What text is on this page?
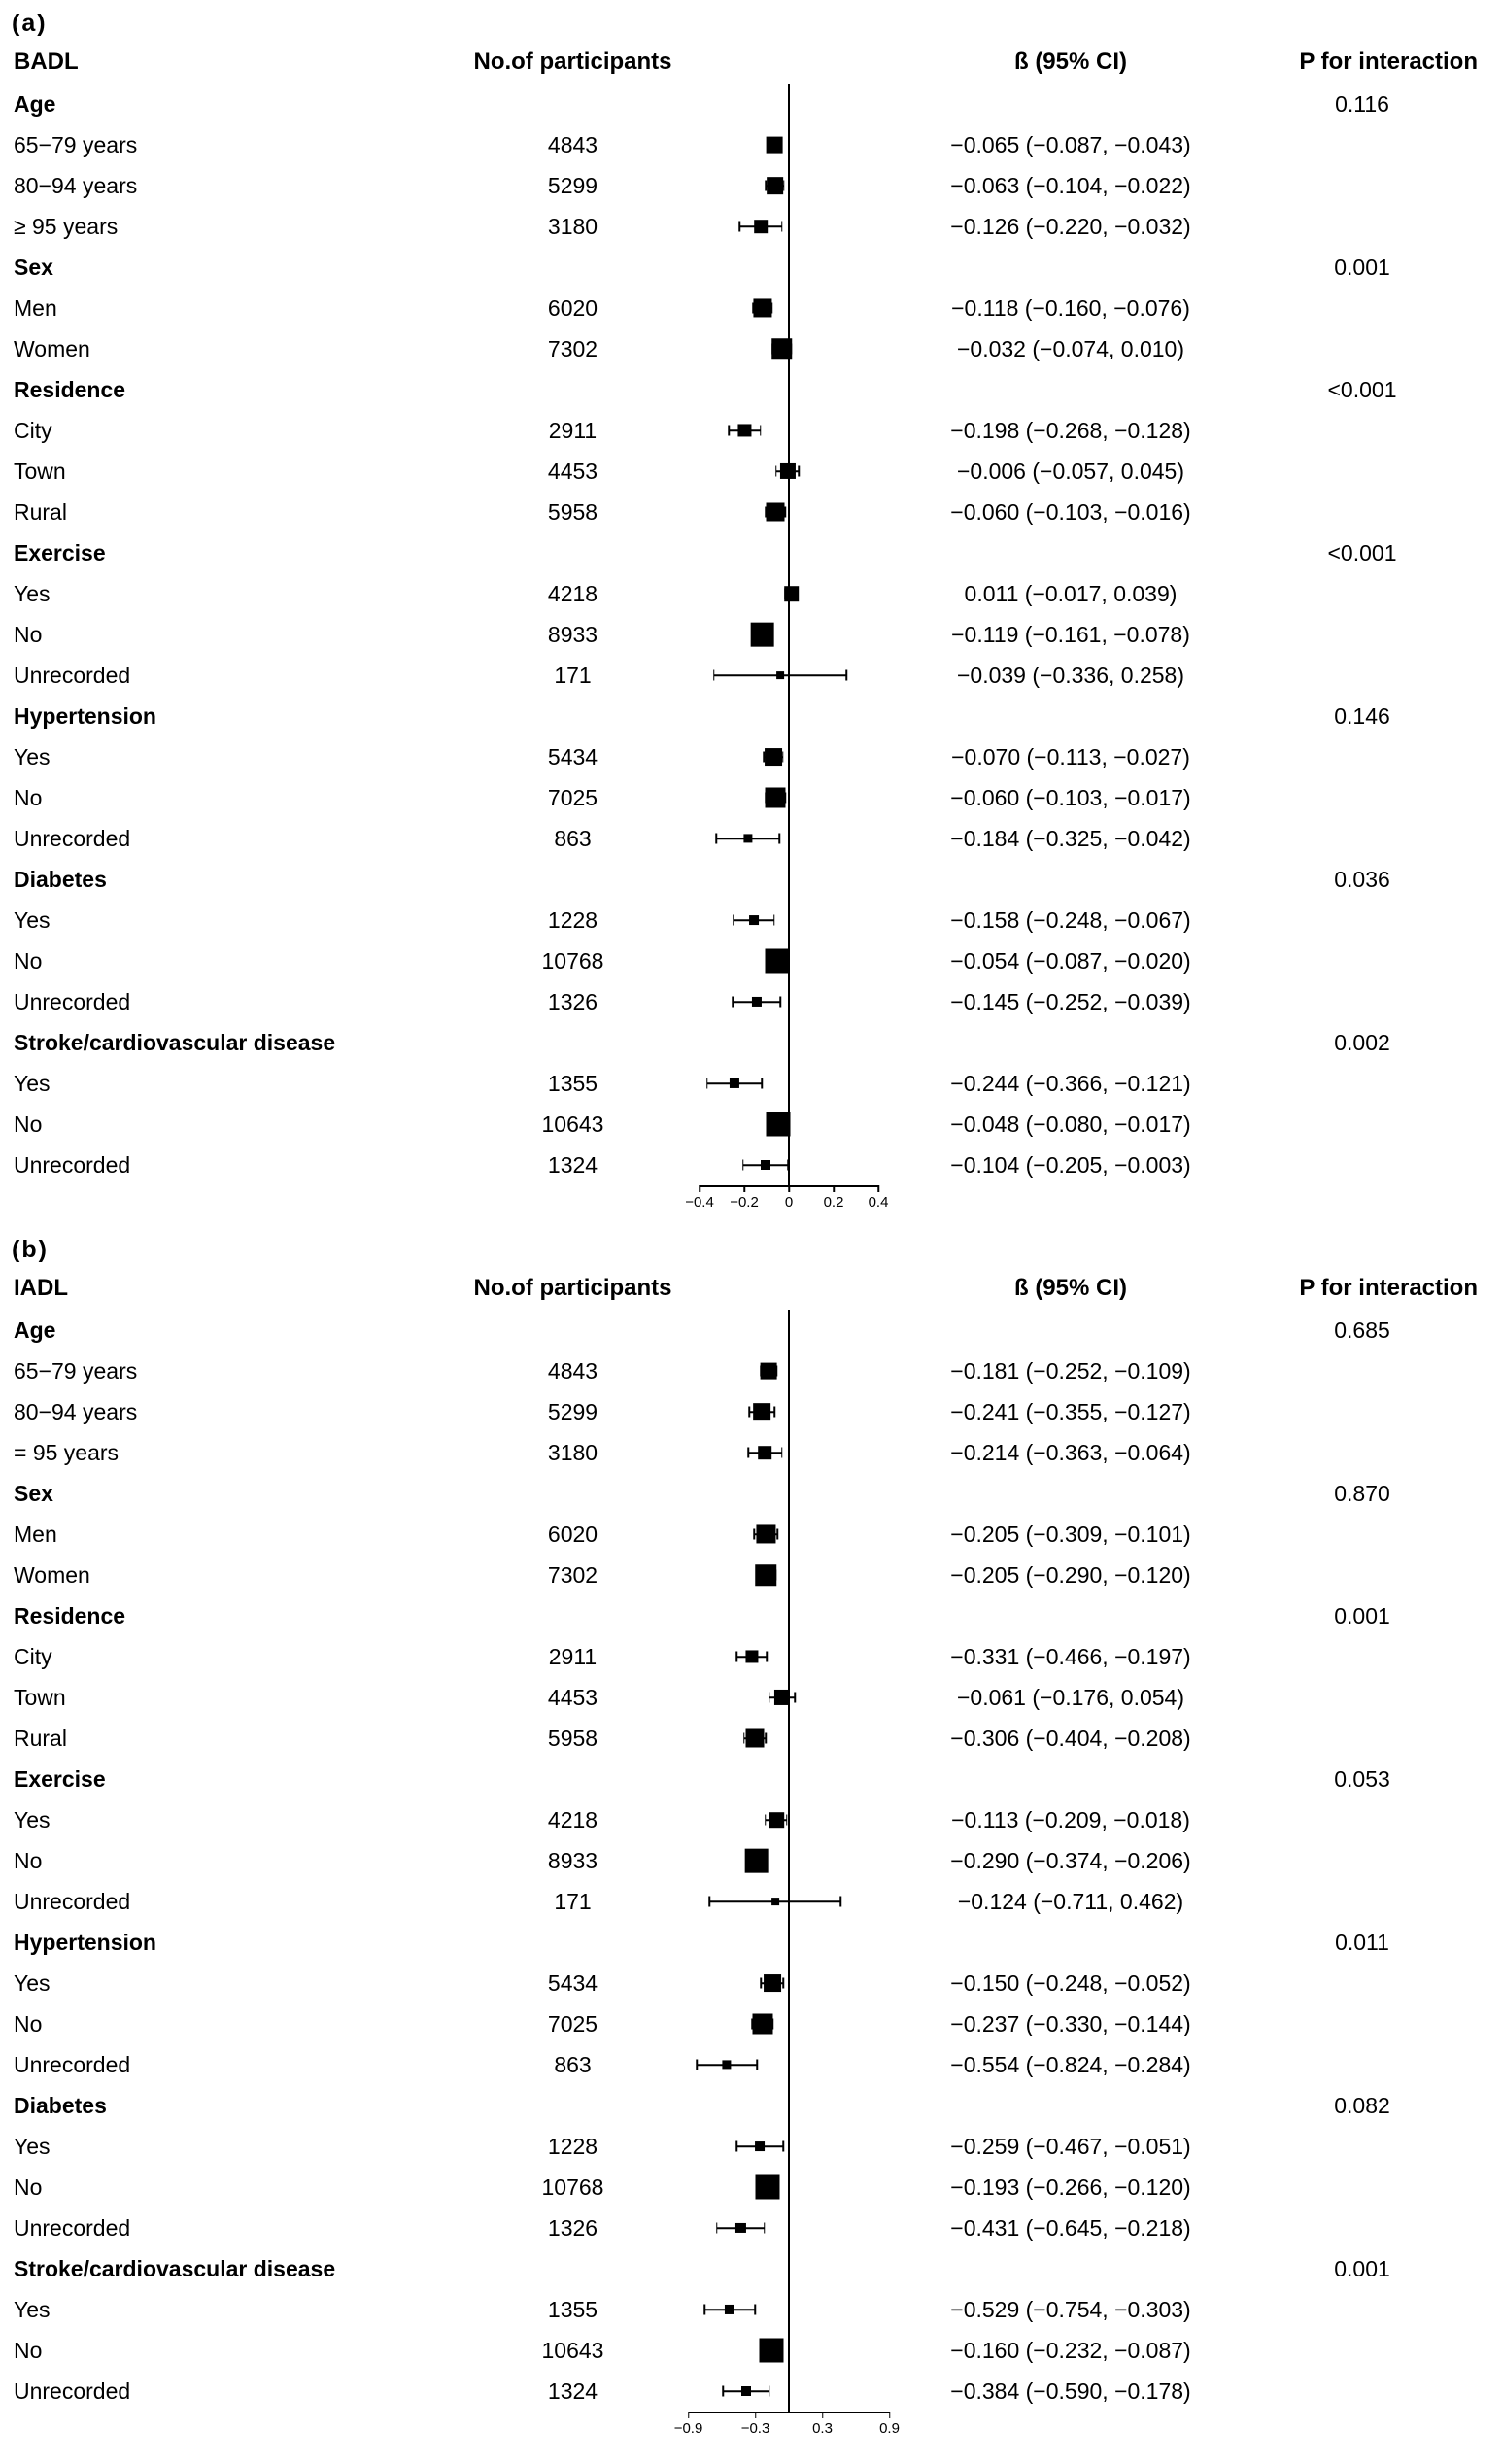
(a)
BADL	No.of participants	ß (95% CI)	P for interaction
Age	0.116
65−79 years	4843	−0.065 (−0.087, −0.043)
80−94 years	5299	−0.063 (−0.104, −0.022)
≥ 95 years	3180	−0.126 (−0.220, −0.032)
Sex	0.001
Men	6020	−0.118 (−0.160, −0.076)
Women	7302	−0.032 (−0.074, 0.010)
Residence	<0.001
City	2911	−0.198 (−0.268, −0.128)
Town	4453	−0.006 (−0.057, 0.045)
Rural	5958	−0.060 (−0.103, −0.016)
Exercise	<0.001
Yes	4218	0.011 (−0.017, 0.039)
No	8933	−0.119 (−0.161, −0.078)
Unrecorded	171	−0.039 (−0.336, 0.258)
Hypertension	0.146
Yes	5434	−0.070 (−0.113, −0.027)
No	7025	−0.060 (−0.103, −0.017)
Unrecorded	863	−0.184 (−0.325, −0.042)
Diabetes	0.036
Yes	1228	−0.158 (−0.248, −0.067)
No	10768	−0.054 (−0.087, −0.020)
Unrecorded	1326	−0.145 (−0.252, −0.039)
Stroke/cardiovascular disease	0.002
Yes	1355	−0.244 (−0.366, −0.121)
No	10643	−0.048 (−0.080, −0.017)
Unrecorded	1324	−0.104 (−0.205, −0.003)
−0.4 −0.2 0 0.2 0.4
(b)
IADL	No.of participants	ß (95% CI)	P for interaction
Age	0.685
65−79 years	4843	−0.181 (−0.252, −0.109)
80−94 years	5299	−0.241 (−0.355, −0.127)
= 95 years	3180	−0.214 (−0.363, −0.064)
Sex	0.870
Men	6020	−0.205 (−0.309, −0.101)
Women	7302	−0.205 (−0.290, −0.120)
Residence	0.001
City	2911	−0.331 (−0.466, −0.197)
Town	4453	−0.061 (−0.176, 0.054)
Rural	5958	−0.306 (−0.404, −0.208)
Exercise	0.053
Yes	4218	−0.113 (−0.209, −0.018)
No	8933	−0.290 (−0.374, −0.206)
Unrecorded	171	−0.124 (−0.711, 0.462)
Hypertension	0.011
Yes	5434	−0.150 (−0.248, −0.052)
No	7025	−0.237 (−0.330, −0.144)
Unrecorded	863	−0.554 (−0.824, −0.284)
Diabetes	0.082
Yes	1228	−0.259 (−0.467, −0.051)
No	10768	−0.193 (−0.266, −0.120)
Unrecorded	1326	−0.431 (−0.645, −0.218)
Stroke/cardiovascular disease	0.001
Yes	1355	−0.529 (−0.754, −0.303)
No	10643	−0.160 (−0.232, −0.087)
Unrecorded	1324	−0.384 (−0.590, −0.178)
−0.9	−0.3	0.3	0.9
